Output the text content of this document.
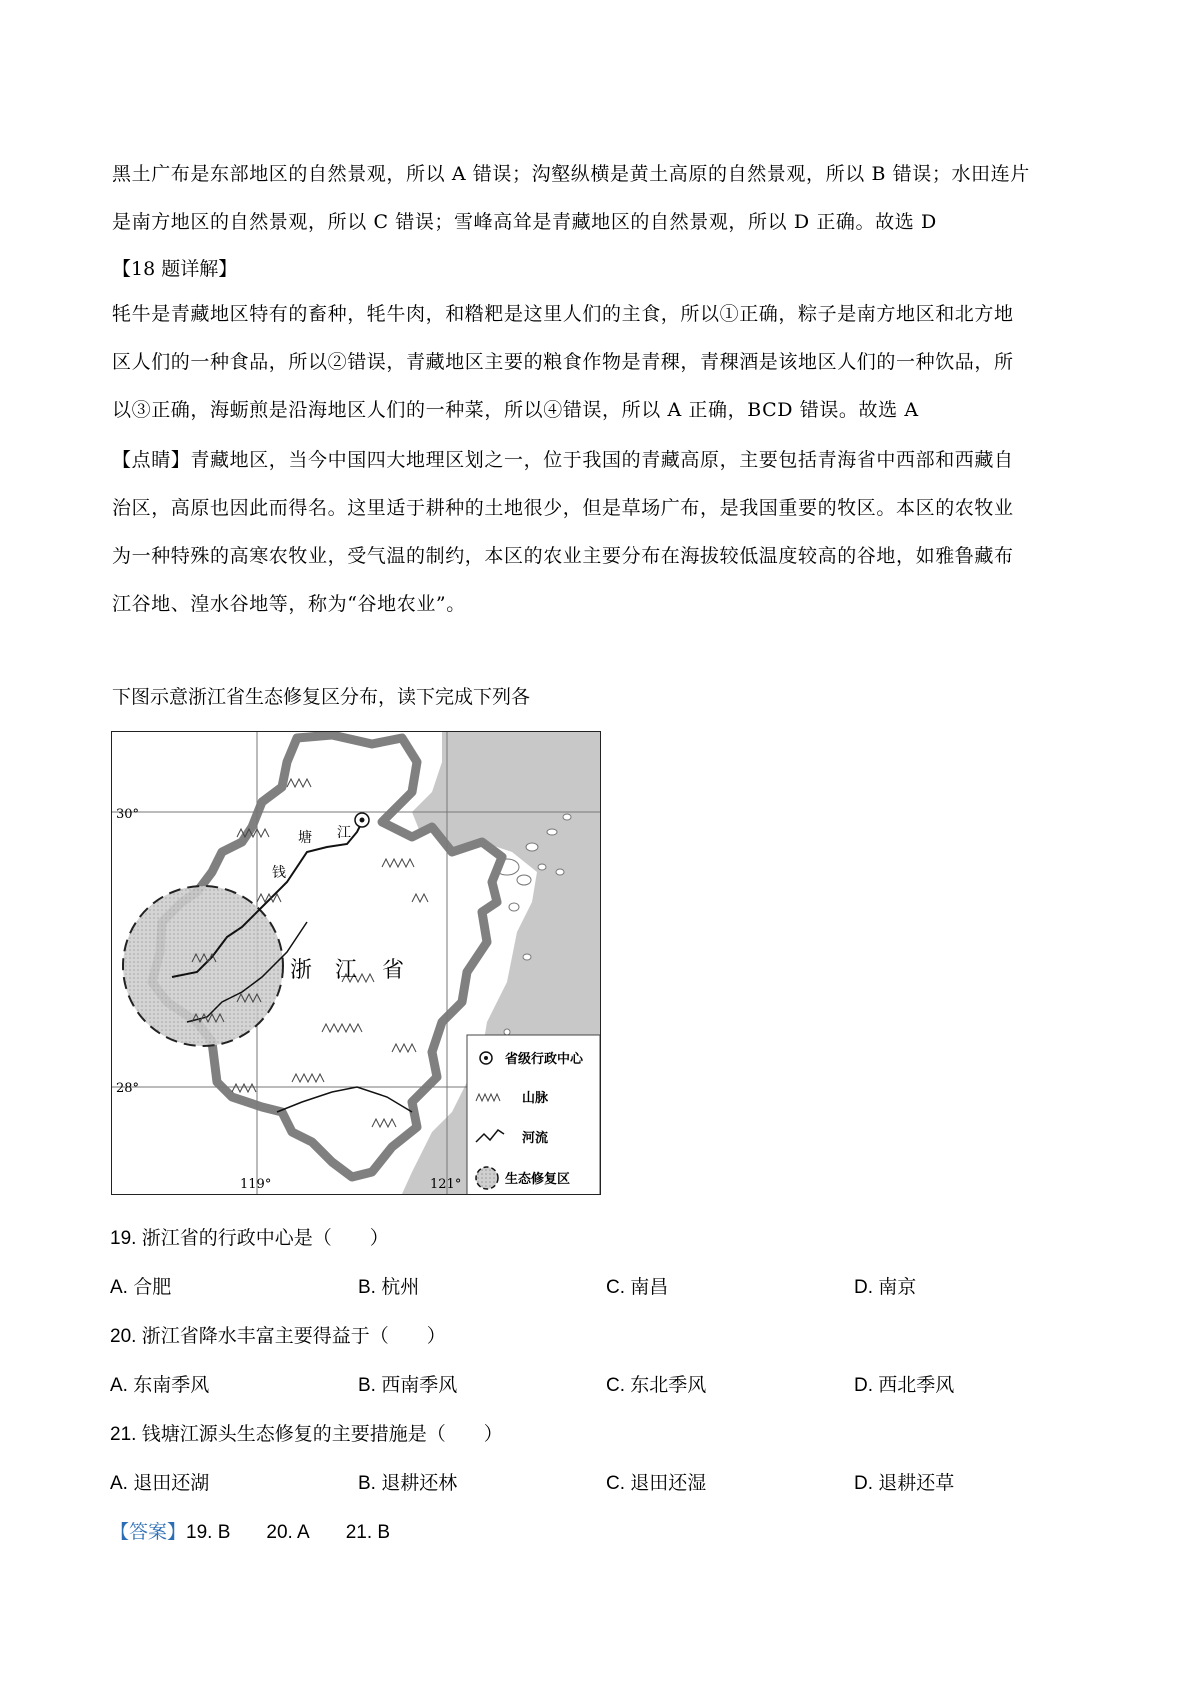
黑土广布是东部地区的自然景观，所以 A 错误；沟壑纵横是黄土高原的自然景观，所以 B 错误；水田连片
是南方地区的自然景观，所以 C 错误；雪峰高耸是青藏地区的自然景观，所以 D 正确。故选 D
【18 题详解】
牦牛是青藏地区特有的畜种，牦牛肉，和糌粑是这里人们的主食，所以①正确，粽子是南方地区和北方地
区人们的一种食品，所以②错误，青藏地区主要的粮食作物是青稞，青稞酒是该地区人们的一种饮品，所
以③正确，海蛎煎是沿海地区人们的一种菜，所以④错误，所以 A 正确，BCD 错误。故选 A
【点睛】青藏地区，当今中国四大地理区划之一，位于我国的青藏高原，主要包括青海省中西部和西藏自
治区，高原也因此而得名。这里适于耕种的土地很少，但是草场广布，是我国重要的牧区。本区的农牧业
为一种特殊的高寒农牧业，受气温的制约，本区的农业主要分布在海拔较低温度较高的谷地，如雅鲁藏布
江谷地、湟水谷地等，称为“谷地农业”。
下图示意浙江省生态修复区分布，读下完成下列各
江
塘
钱
浙 江 省
30°
28°
119°	121°
省级行政中心
山脉
河流
生态修复区
19. 浙江省的行政中心是（　　）
A. 合肥	B. 杭州	C. 南昌	D. 南京
20. 浙江省降水丰富主要得益于（　　）
A. 东南季风	B. 西南季风	C. 东北季风	D. 西北季风
21. 钱塘江源头生态修复的主要措施是（　　）
A. 退田还湖	B. 退耕还林	C. 退田还湿	D. 退耕还草
【答案】19. B 20. A 21. B
